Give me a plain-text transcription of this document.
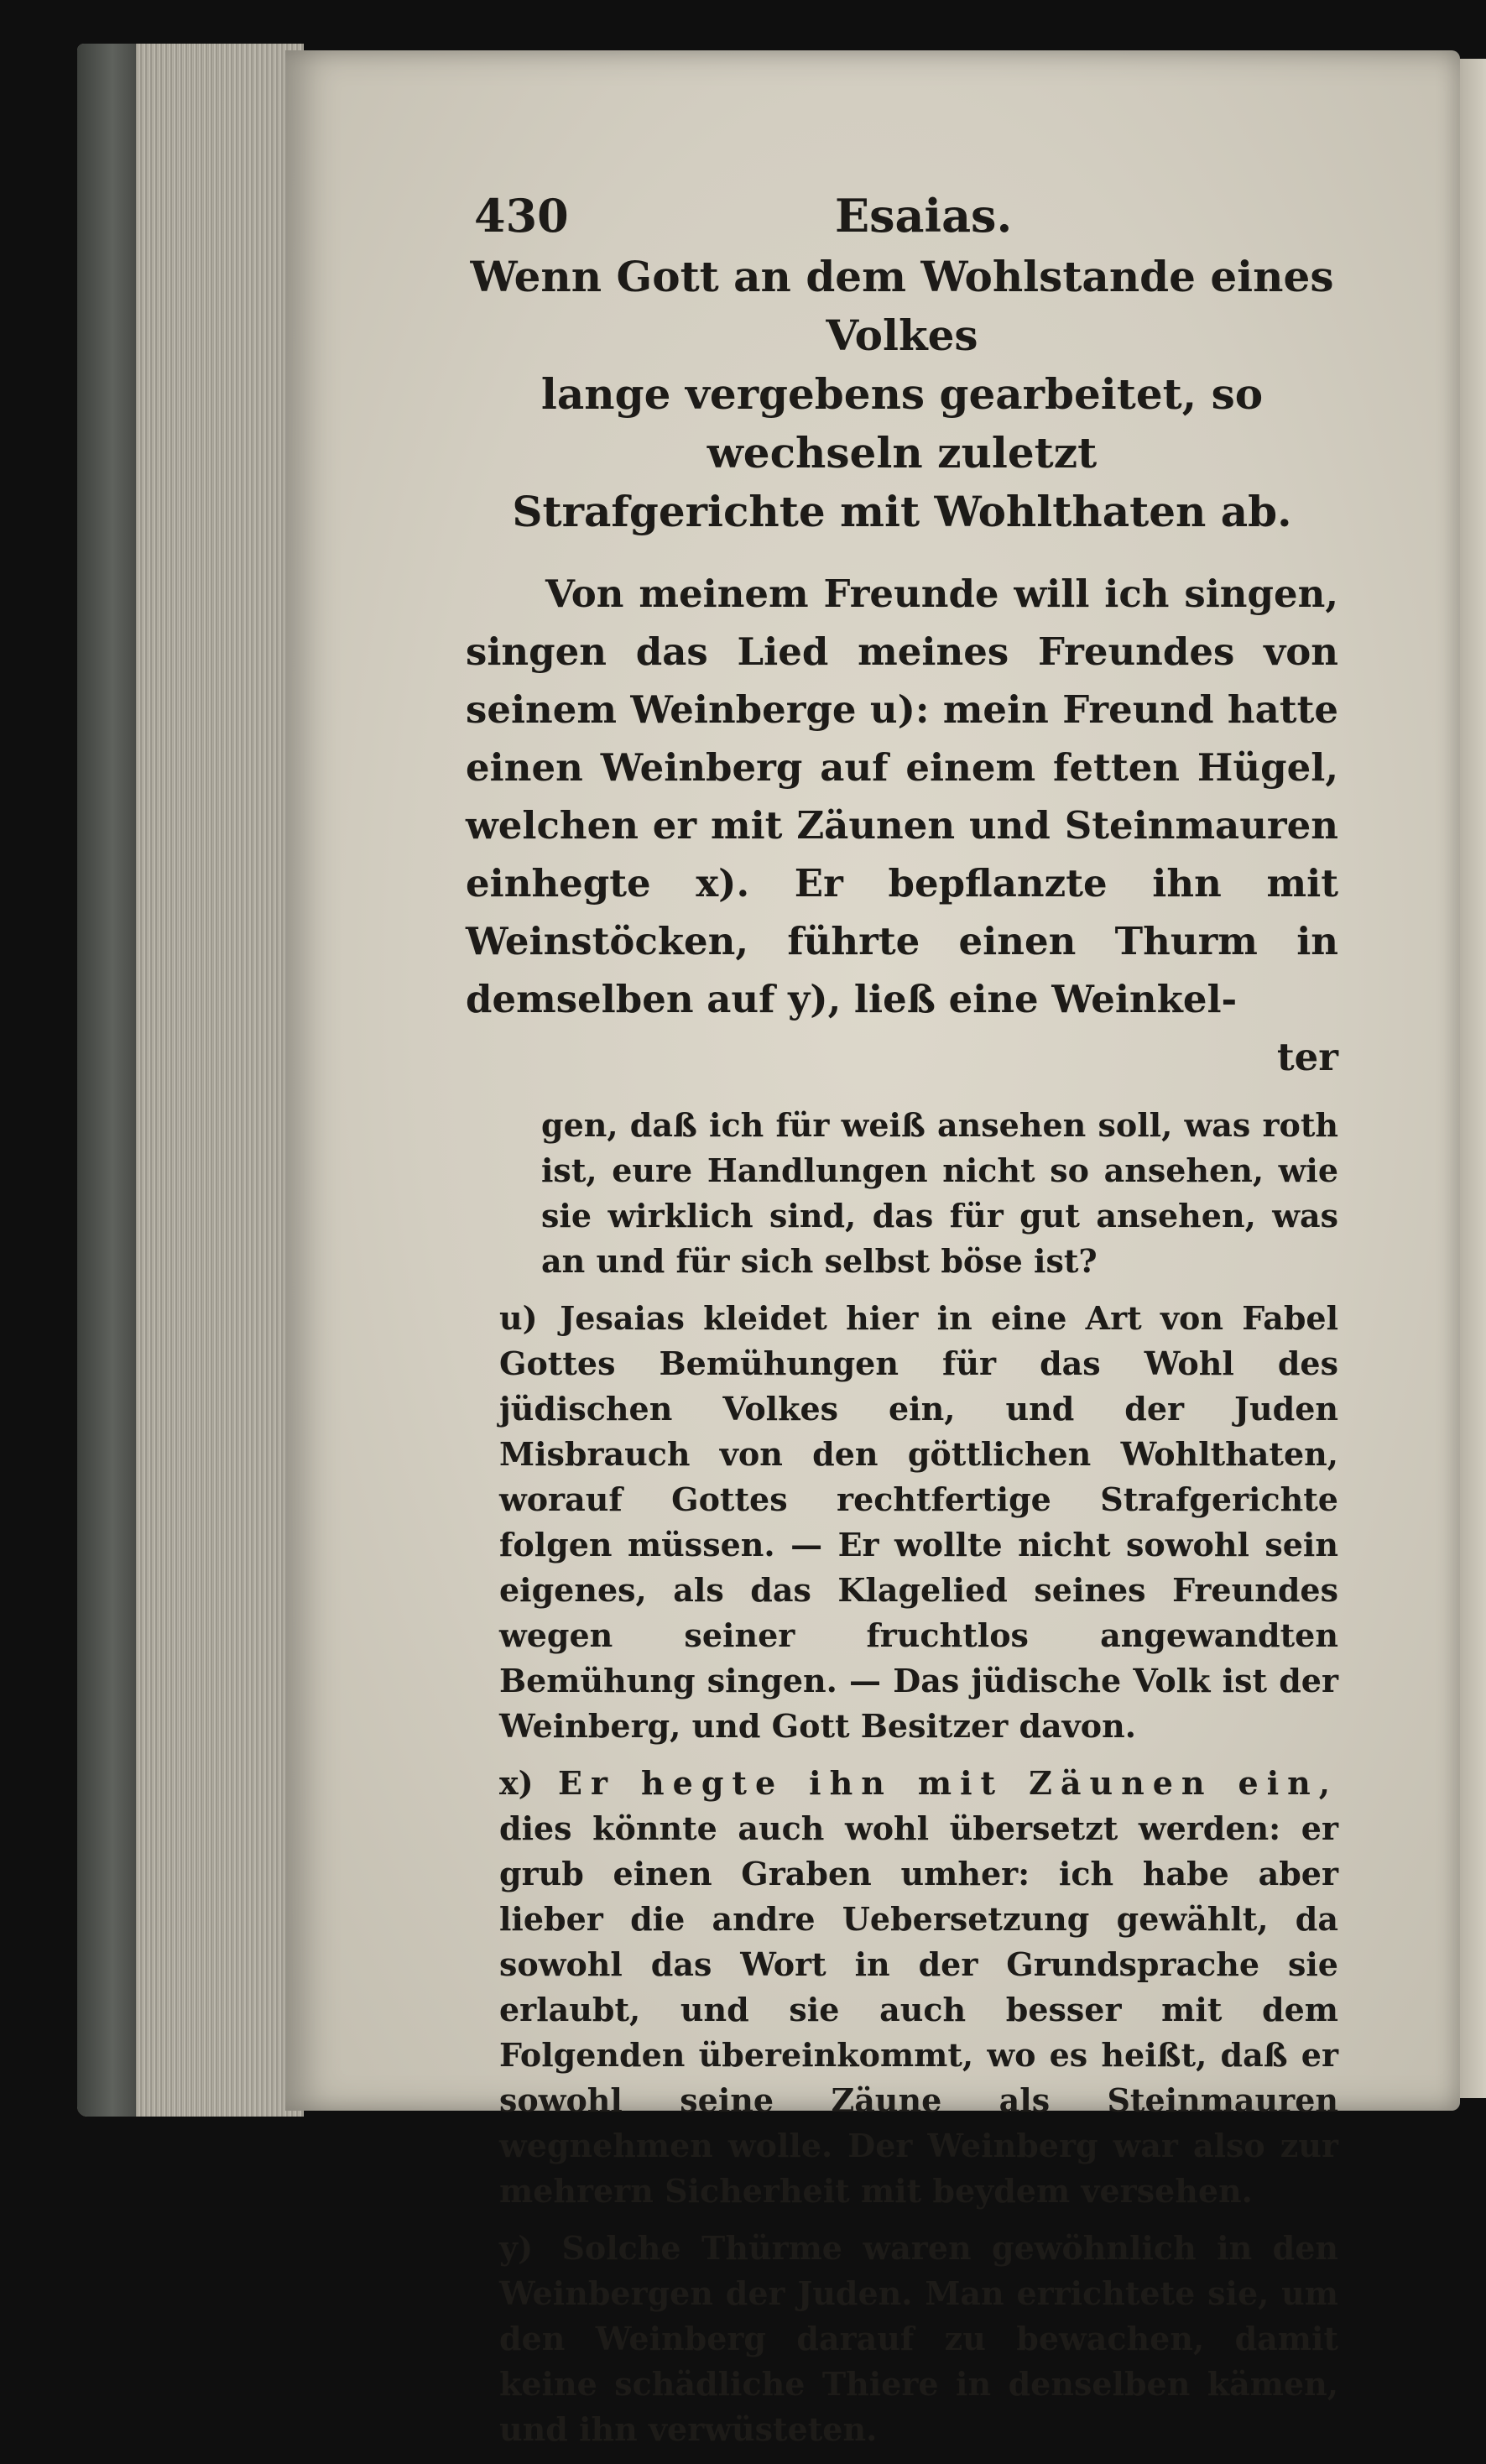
430	Esaias.
Wenn Gott an dem Wohlstande eines Volkes
lange vergebens gearbeitet, so wechseln zuletzt
Strafgerichte mit Wohlthaten ab.

Von meinem Freunde will ich singen, singen das Lied meines Freundes von seinem Weinberge u): mein Freund hatte einen Weinberg auf einem fetten Hügel, welchen er mit Zäunen und Steinmauren einhegte x). Er bepflanzte ihn mit Weinstöcken, führte einen Thurm in demselben auf y), ließ eine Weinkel-

ter

gen, daß ich für weiß ansehen soll, was roth ist, eure Handlungen nicht so ansehen, wie sie wirklich sind, das für gut ansehen, was an und für sich selbst böse ist?

u) Jesaias kleidet hier in eine Art von Fabel Gottes Bemühungen für das Wohl des jüdischen Volkes ein, und der Juden Misbrauch von den göttlichen Wohlthaten, worauf Gottes rechtfertige Strafgerichte folgen müssen. — Er wollte nicht sowohl sein eigenes, als das Klagelied seines Freundes wegen seiner fruchtlos angewandten Bemühung singen. — Das jüdische Volk ist der Weinberg, und Gott Besitzer davon.

x) Er hegte ihn mit Zäunen ein, dies könnte auch wohl übersetzt werden: er grub einen Graben umher: ich habe aber lieber die andre Uebersetzung gewählt, da sowohl das Wort in der Grundsprache sie erlaubt, und sie auch besser mit dem Folgenden übereinkommt, wo es heißt, daß er sowohl seine Zäune als Steinmauren wegnehmen wolle. Der Weinberg war also zur mehrern Sicherheit mit beydem versehen.

y) Solche Thürme waren gewöhnlich in den Weinbergen der Juden. Man errichtete sie, um den Weinberg darauf zu bewachen, damit keine schädliche Thiere in denselben kämen, und ihn verwüsteten.
